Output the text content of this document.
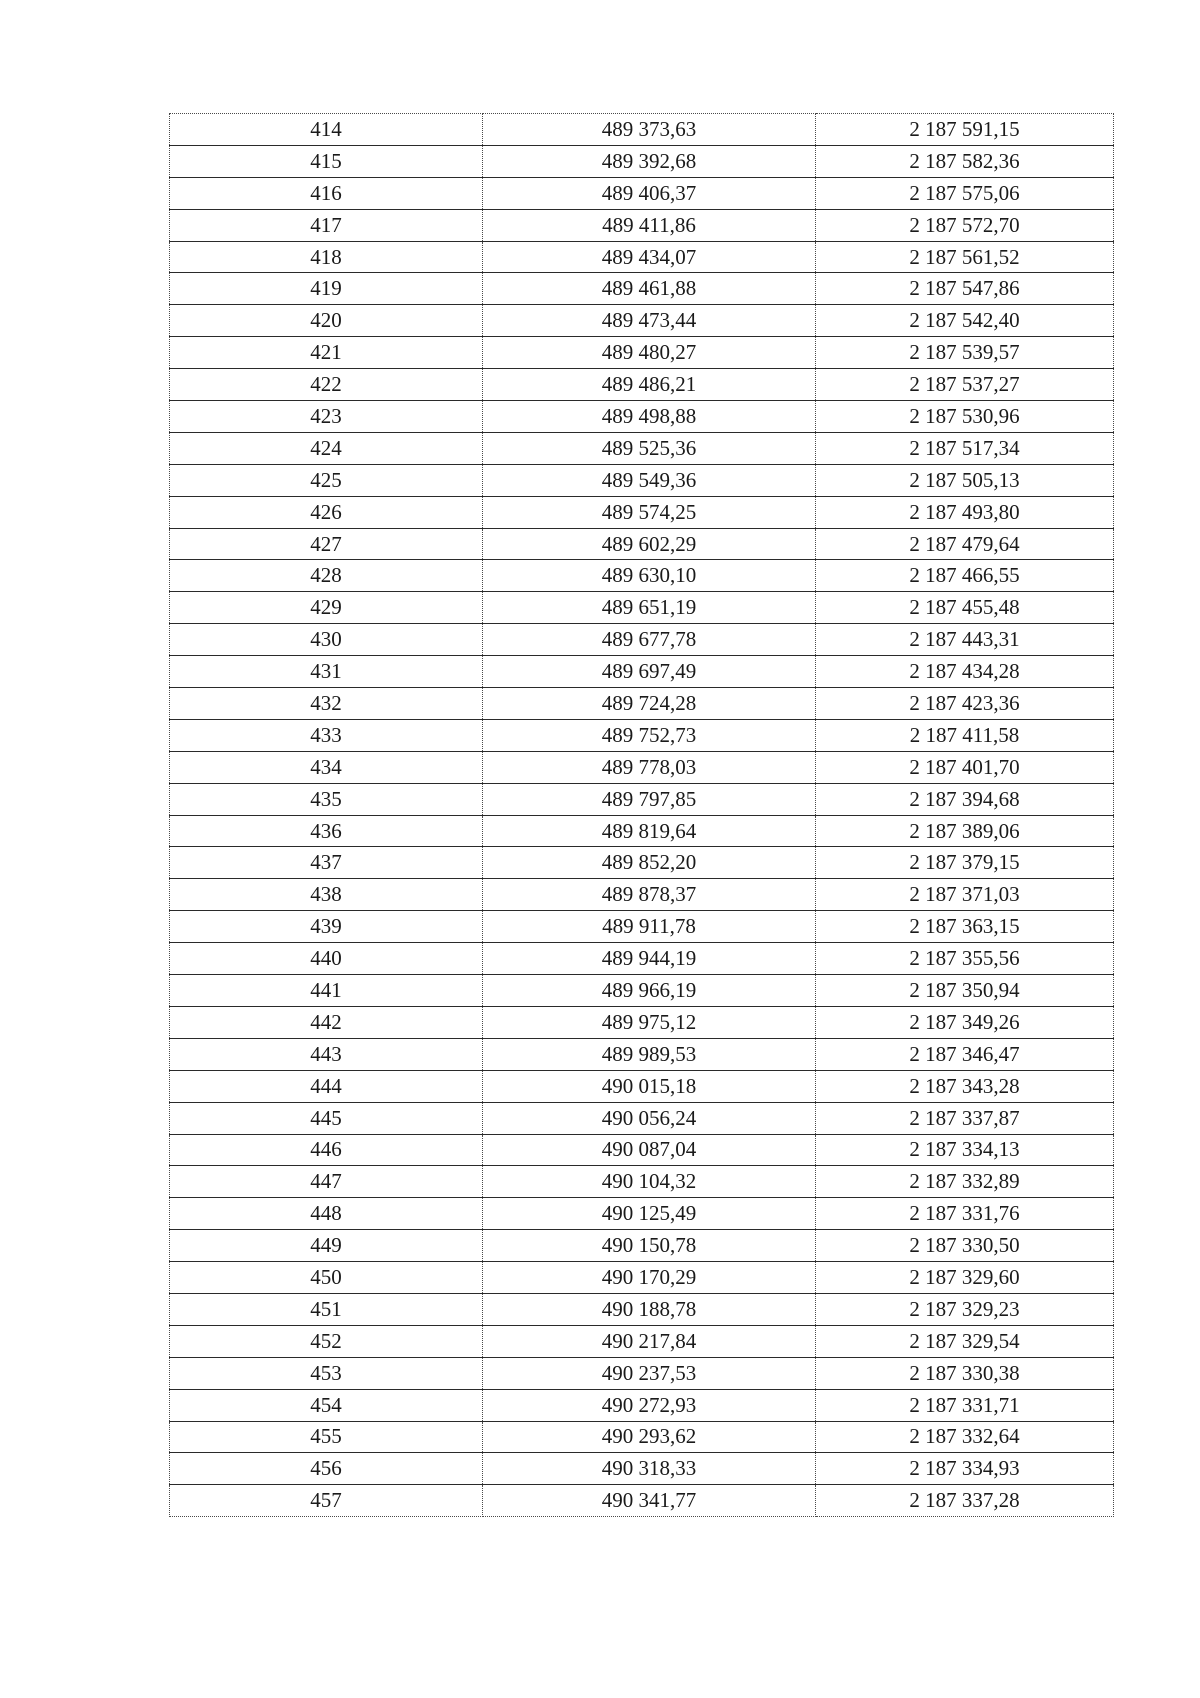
414	489 373,63	2 187 591,15
415	489 392,68	2 187 582,36
416	489 406,37	2 187 575,06
417	489 411,86	2 187 572,70
418	489 434,07	2 187 561,52
419	489 461,88	2 187 547,86
420	489 473,44	2 187 542,40
421	489 480,27	2 187 539,57
422	489 486,21	2 187 537,27
423	489 498,88	2 187 530,96
424	489 525,36	2 187 517,34
425	489 549,36	2 187 505,13
426	489 574,25	2 187 493,80
427	489 602,29	2 187 479,64
428	489 630,10	2 187 466,55
429	489 651,19	2 187 455,48
430	489 677,78	2 187 443,31
431	489 697,49	2 187 434,28
432	489 724,28	2 187 423,36
433	489 752,73	2 187 411,58
434	489 778,03	2 187 401,70
435	489 797,85	2 187 394,68
436	489 819,64	2 187 389,06
437	489 852,20	2 187 379,15
438	489 878,37	2 187 371,03
439	489 911,78	2 187 363,15
440	489 944,19	2 187 355,56
441	489 966,19	2 187 350,94
442	489 975,12	2 187 349,26
443	489 989,53	2 187 346,47
444	490 015,18	2 187 343,28
445	490 056,24	2 187 337,87
446	490 087,04	2 187 334,13
447	490 104,32	2 187 332,89
448	490 125,49	2 187 331,76
449	490 150,78	2 187 330,50
450	490 170,29	2 187 329,60
451	490 188,78	2 187 329,23
452	490 217,84	2 187 329,54
453	490 237,53	2 187 330,38
454	490 272,93	2 187 331,71
455	490 293,62	2 187 332,64
456	490 318,33	2 187 334,93
457	490 341,77	2 187 337,28
